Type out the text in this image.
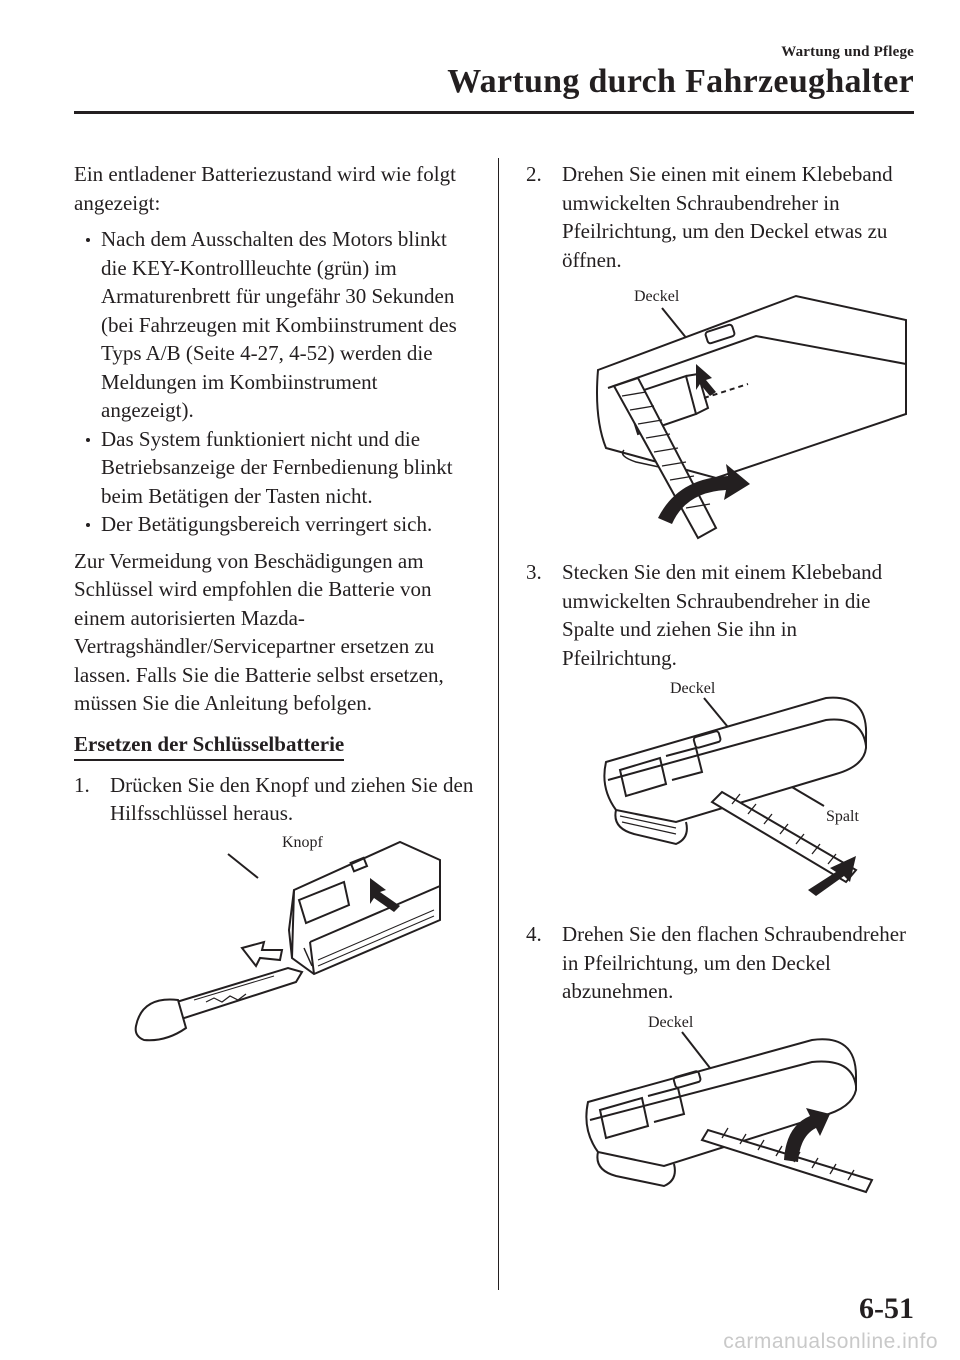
Wartung und Pflege
Wartung durch Fahrzeughalter

Ein entladener Batteriezustand wird wie folgt angezeigt:

Nach dem Ausschalten des Motors blinkt die KEY-Kontrollleuchte (grün) im Armaturenbrett für ungefähr 30 Sekunden (bei Fahrzeugen mit Kombiinstrument des Typs A/B (Seite 4-27, 4-52) werden die Meldungen im Kombiinstrument angezeigt).
Das System funktioniert nicht und die Betriebsanzeige der Fernbedienung blinkt beim Betätigen der Tasten nicht.
Der Betätigungsbereich verringert sich.

Zur Vermeidung von Beschädigungen am Schlüssel wird empfohlen die Batterie von einem autorisierten Mazda-Vertragshändler/Servicepartner ersetzen zu lassen. Falls Sie die Batterie selbst ersetzen, müssen Sie die Anleitung befolgen.

Ersetzen der Schlüsselbatterie
1. Drücken Sie den Knopf und ziehen Sie den Hilfsschlüssel heraus.
Knopf
2. Drehen Sie einen mit einem Klebeband umwickelten Schraubendreher in Pfeilrichtung, um den Deckel etwas zu öffnen.
Deckel
3. Stecken Sie den mit einem Klebeband umwickelten Schraubendreher in die Spalte und ziehen Sie ihn in Pfeilrichtung.
Deckel
Spalt
4. Drehen Sie den flachen Schraubendreher in Pfeilrichtung, um den Deckel abzunehmen.
Deckel
6-51
carmanualsonline.info
